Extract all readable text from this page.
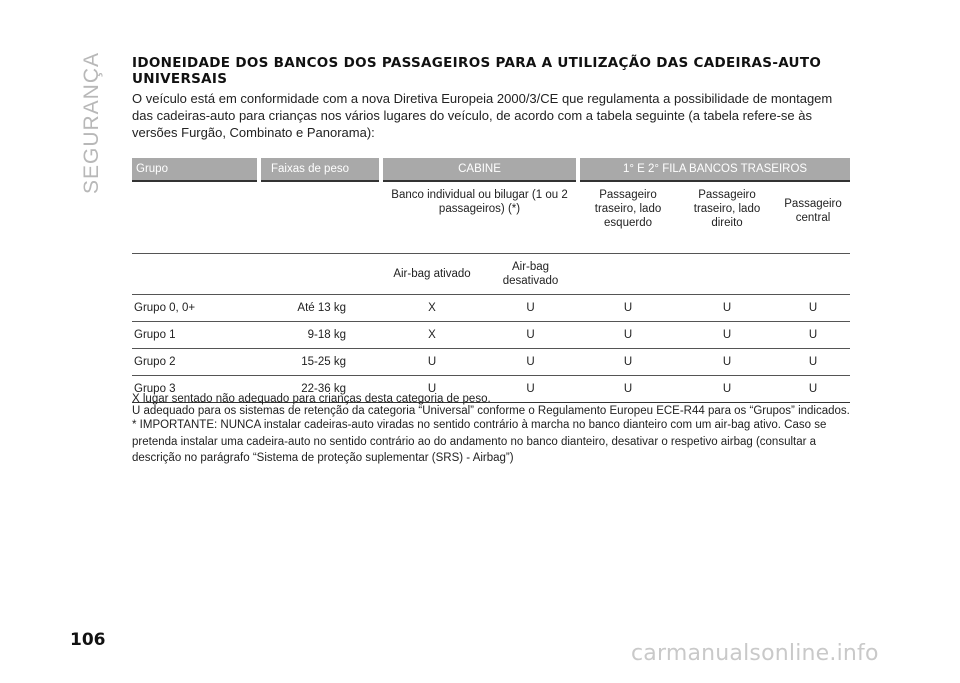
SEGURANÇA IDONEIDADE DOS BANCOS DOS PASSAGEIROS PARA A UTILIZAÇÃO DAS CADEIRAS-AUTO UNIVERSAIS

O veículo está em conformidade com a nova Diretiva Europeia 2000/3/CE que regulamenta a possibilidade de montagem das cadeiras-auto para crianças nos vários lugares do veículo, de acordo com a tabela seguinte (a tabela refere-se às versões Furgão, Combinato e Panorama):

Grupo	Faixas de peso	CABINE		1° E 2° FILA BANCOS TRASEIROS		
		Banco individual ou bilugar (1 ou 2 passageiros) (*)		Passageiro traseiro, lado esquerdo	Passageiro traseiro, lado direito	Passageiro central
		Air-bag ativado	Air-bag desativado			
Grupo 0, 0+	Até 13 kg	X	U	U	U	U
Grupo 1	9-18 kg	X	U	U	U	U
Grupo 2	15-25 kg	U	U	U	U	U
Grupo 3	22-36 kg	U	U	U	U	U

X lugar sentado não adequado para crianças desta categoria de peso.

U adequado para os sistemas de retenção da categoria “Universal” conforme o Regulamento Europeu ECE-R44 para os “Grupos” indicados.

* IMPORTANTE: NUNCA instalar cadeiras-auto viradas no sentido contrário à marcha no banco dianteiro com um air-bag ativo. Caso se pretenda instalar uma cadeira-auto no sentido contrário ao do andamento no banco dianteiro, desativar o respetivo airbag (consultar a descrição no parágrafo “Sistema de proteção suplementar (SRS) - Airbag”)

106
carmanualsonline.info
